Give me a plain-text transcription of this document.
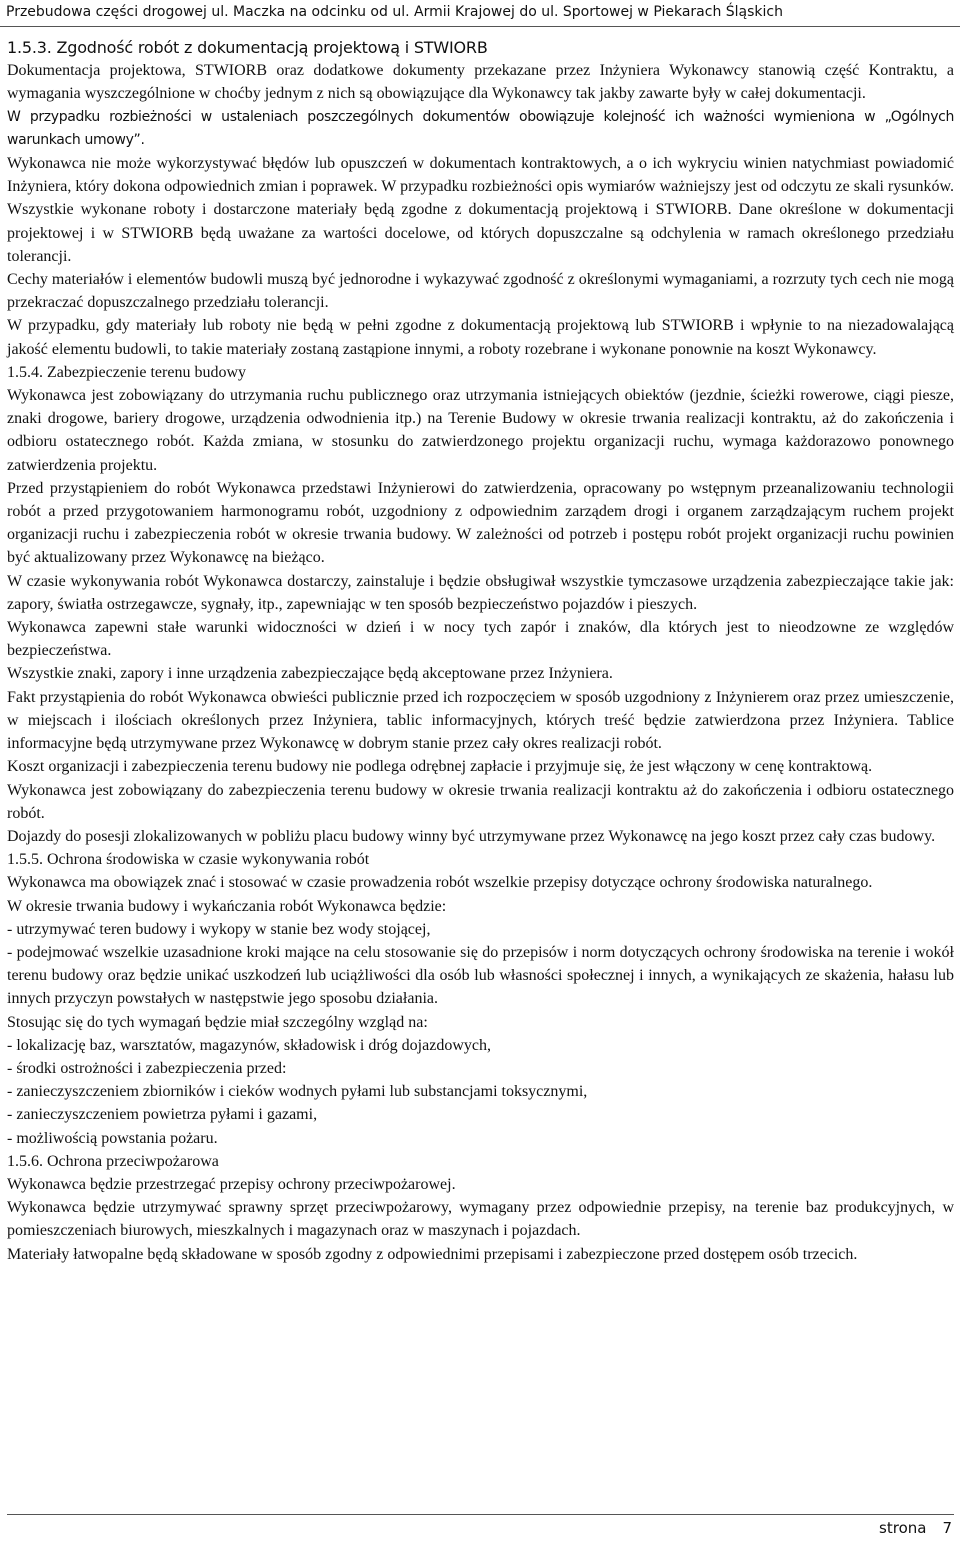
Przebudowa części drogowej ul. Maczka na odcinku od ul. Armii Krajowej do ul. Sportowej w Piekarach Śląskich

1.5.3. Zgodność robót z dokumentacją projektową i STWIORB

Dokumentacja projektowa, STWIORB oraz dodatkowe dokumenty przekazane przez Inżyniera Wykonawcy stanowią część Kontraktu, a wymagania wyszczególnione w choćby jednym z nich są obowiązujące dla Wykonawcy tak jakby zawarte były w całej dokumentacji.

W przypadku rozbieżności w ustaleniach poszczególnych dokumentów obowiązuje kolejność ich ważności wymieniona w „Ogólnych warunkach umowy”.

Wykonawca nie może wykorzystywać błędów lub opuszczeń w dokumentach kontraktowych, a o ich wykryciu winien natychmiast powiadomić Inżyniera, który dokona odpowiednich zmian i poprawek. W przypadku rozbieżności opis wymiarów ważniejszy jest od odczytu ze skali rysunków. Wszystkie wykonane roboty i dostarczone materiały będą zgodne z dokumentacją projektową i STWIORB. Dane określone w dokumentacji projektowej i w STWIORB będą uważane za wartości docelowe, od których dopuszczalne są odchylenia w ramach określonego przedziału tolerancji.

Cechy materiałów i elementów budowli muszą być jednorodne i wykazywać zgodność z określonymi wymaganiami, a rozrzuty tych cech nie mogą przekraczać dopuszczalnego przedziału tolerancji.

W przypadku, gdy materiały lub roboty nie będą w pełni zgodne z dokumentacją projektową lub STWIORB i wpłynie to na niezadowalającą jakość elementu budowli, to takie materiały zostaną zastąpione innymi, a roboty rozebrane i wykonane ponownie na koszt Wykonawcy.

1.5.4. Zabezpieczenie terenu budowy

Wykonawca jest zobowiązany do utrzymania ruchu publicznego oraz utrzymania istniejących obiektów (jezdnie, ścieżki rowerowe, ciągi piesze, znaki drogowe, bariery drogowe, urządzenia odwodnienia itp.) na Terenie Budowy w okresie trwania realizacji kontraktu, aż do zakończenia i odbioru ostatecznego robót. Każda zmiana, w stosunku do zatwierdzonego projektu organizacji ruchu, wymaga każdorazowo ponownego zatwierdzenia projektu.

Przed przystąpieniem do robót Wykonawca przedstawi Inżynierowi do zatwierdzenia, opracowany po wstępnym przeanalizowaniu technologii robót a przed przygotowaniem harmonogramu robót, uzgodniony z odpowiednim zarządem drogi i organem zarządzającym ruchem projekt organizacji ruchu i zabezpieczenia robót w okresie trwania budowy. W zależności od potrzeb i postępu robót projekt organizacji ruchu powinien być aktualizowany przez Wykonawcę na bieżąco.

W czasie wykonywania robót Wykonawca dostarczy, zainstaluje i będzie obsługiwał wszystkie tymczasowe urządzenia zabezpieczające takie jak: zapory, światła ostrzegawcze, sygnały, itp., zapewniając w ten sposób bezpieczeństwo pojazdów i pieszych.

Wykonawca zapewni stałe warunki widoczności w dzień i w nocy tych zapór i znaków, dla których jest to nieodzowne ze względów bezpieczeństwa.

Wszystkie znaki, zapory i inne urządzenia zabezpieczające będą akceptowane przez Inżyniera.

Fakt przystąpienia do robót Wykonawca obwieści publicznie przed ich rozpoczęciem w sposób uzgodniony z Inżynierem oraz przez umieszczenie, w miejscach i ilościach określonych przez Inżyniera, tablic informacyjnych, których treść będzie zatwierdzona przez Inżyniera. Tablice informacyjne będą utrzymywane przez Wykonawcę w dobrym stanie przez cały okres realizacji robót.

Koszt organizacji i zabezpieczenia terenu budowy nie podlega odrębnej zapłacie i przyjmuje się, że jest włączony w cenę kontraktową.

Wykonawca jest zobowiązany do zabezpieczenia terenu budowy w okresie trwania realizacji kontraktu aż do zakończenia i odbioru ostatecznego robót.

Dojazdy do posesji zlokalizowanych w pobliżu placu budowy winny być utrzymywane przez Wykonawcę na jego koszt przez cały czas budowy.

1.5.5. Ochrona środowiska w czasie wykonywania robót

Wykonawca ma obowiązek znać i stosować w czasie prowadzenia robót wszelkie przepisy dotyczące ochrony środowiska naturalnego.

W okresie trwania budowy i wykańczania robót Wykonawca będzie:

- utrzymywać teren budowy i wykopy w stanie bez wody stojącej,

- podejmować wszelkie uzasadnione kroki mające na celu stosowanie się do przepisów i norm dotyczących ochrony środowiska na terenie i wokół terenu budowy oraz będzie unikać uszkodzeń lub uciążliwości dla osób lub własności społecznej i innych, a wynikających ze skażenia, hałasu lub innych przyczyn powstałych w następstwie jego sposobu działania.

Stosując się do tych wymagań będzie miał szczególny wzgląd na:

- lokalizację baz, warsztatów, magazynów, składowisk i dróg dojazdowych,

- środki ostrożności i zabezpieczenia przed:

- zanieczyszczeniem zbiorników i cieków wodnych pyłami lub substancjami toksycznymi,

- zanieczyszczeniem powietrza pyłami i gazami,

- możliwością powstania pożaru.

1.5.6. Ochrona przeciwpożarowa

Wykonawca będzie przestrzegać przepisy ochrony przeciwpożarowej.

Wykonawca będzie utrzymywać sprawny sprzęt przeciwpożarowy, wymagany przez odpowiednie przepisy, na terenie baz produkcyjnych, w pomieszczeniach biurowych, mieszkalnych i magazynach oraz w maszynach i pojazdach.

Materiały łatwopalne będą składowane w sposób zgodny z odpowiednimi przepisami i zabezpieczone przed dostępem osób trzecich.

strona 7
